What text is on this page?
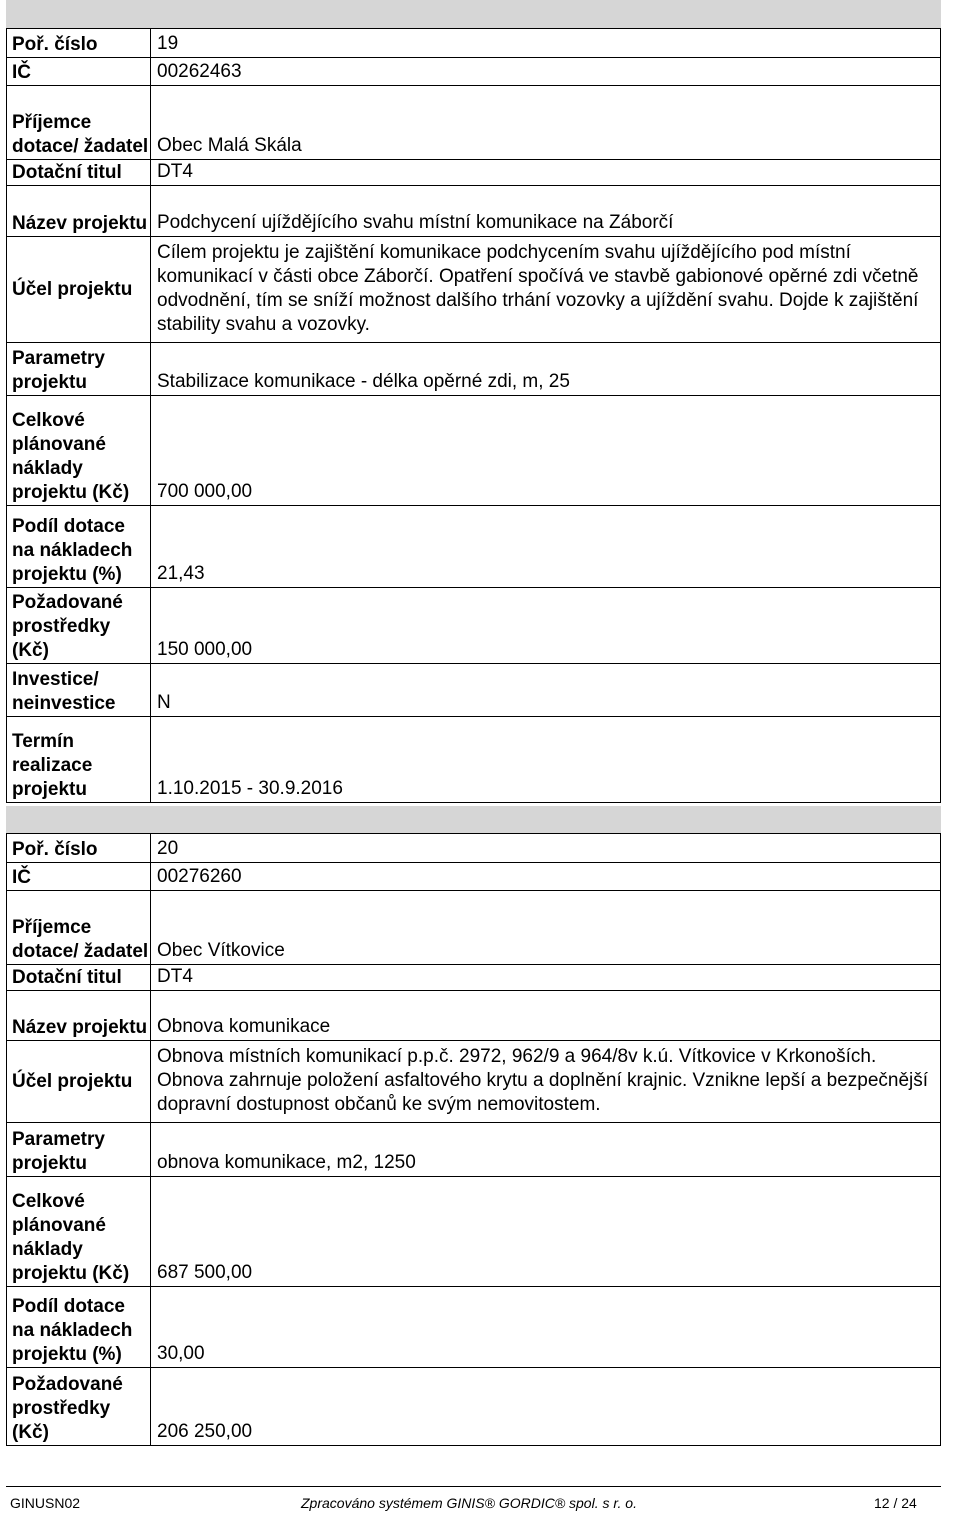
Poř. číslo	19
IČ	00262463
Příjemce dotace/ žadatel	Obec Malá Skála
Dotační titul	DT4
Název projektu	Podchycení ujíždějícího svahu místní komunikace na Záborčí
Účel projektu	Cílem projektu je zajištění komunikace podchycením svahu ujíždějícího pod místní komunikací v části obce Záborčí. Opatření spočívá ve stavbě gabionové opěrné zdi včetně odvodnění, tím se sníží možnost dalšího trhání vozovky a ujíždění svahu. Dojde k zajištění stability svahu a vozovky.
Parametry projektu	Stabilizace komunikace - délka opěrné zdi, m, 25
Celkové plánované náklady projektu (Kč)	700 000,00
Podíl dotace na nákladech projektu (%)	21,43
Požadované prostředky (Kč)	150 000,00
Investice/ neinvestice	N
Termín realizace projektu	1.10.2015 - 30.9.2016
Poř. číslo	20
IČ	00276260
Příjemce dotace/ žadatel	Obec Vítkovice
Dotační titul	DT4
Název projektu	Obnova komunikace
Účel projektu	Obnova místních komunikací p.p.č. 2972, 962/9 a 964/8v k.ú. Vítkovice v Krkonoších. Obnova zahrnuje položení asfaltového krytu a doplnění krajnic. Vznikne lepší a bezpečnější dopravní dostupnost občanů ke svým nemovitostem.
Parametry projektu	obnova komunikace, m2, 1250
Celkové plánované náklady projektu (Kč)	687 500,00
Podíl dotace na nákladech projektu (%)	30,00
Požadované prostředky (Kč)	206 250,00
GINUSN02	Zpracováno systémem GINIS® GORDIC® spol. s r. o.	12 / 24
